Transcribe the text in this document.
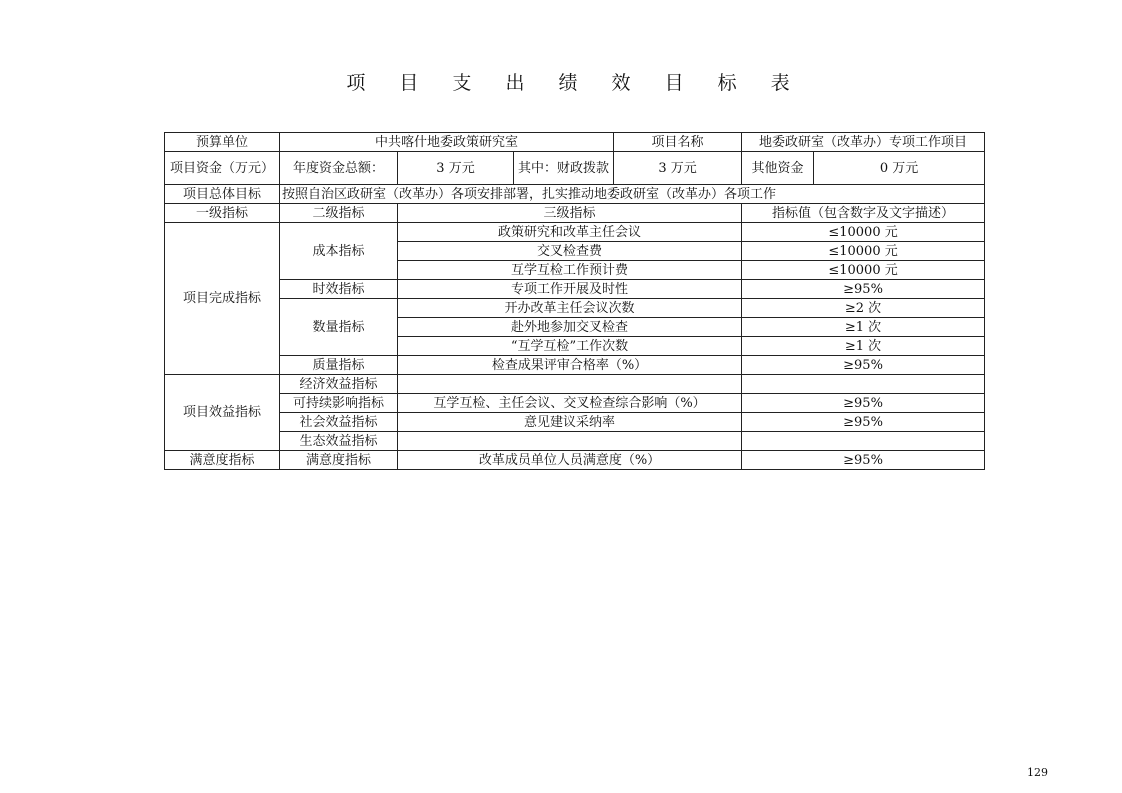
项 目 支 出 绩 效 目 标 表
预算单位	中共喀什地委政策研究室			项目名称	地委政研室（改革办）专项工作项目	
项目资金（万元）	年度资金总额：	3 万元	其中：财政拨款	3 万元	其他资金	0 万元
项目总体目标	按照自治区政研室（改革办）各项安排部署，扎实推动地委政研室（改革办）各项工作					
一级指标	二级指标	三级指标			指标值（包含数字及文字描述）	
项目完成指标	成本指标	政策研究和改革主任会议			≤10000 元	
		交叉检查费			≤10000 元	
		互学互检工作预计费			≤10000 元	
	时效指标	专项工作开展及时性			≥95%	
	数量指标	开办改革主任会议次数			≥2 次	
		赴外地参加交叉检查			≥1 次	
		“互学互检”工作次数			≥1 次	
	质量指标	检查成果评审合格率（%）			≥95%	
项目效益指标	经济效益指标					
	可持续影响指标	互学互检、主任会议、交叉检查综合影响（%）			≥95%	
	社会效益指标	意见建议采纳率			≥95%	
	生态效益指标					
满意度指标	满意度指标	改革成员单位人员满意度（%）			≥95%	
129
